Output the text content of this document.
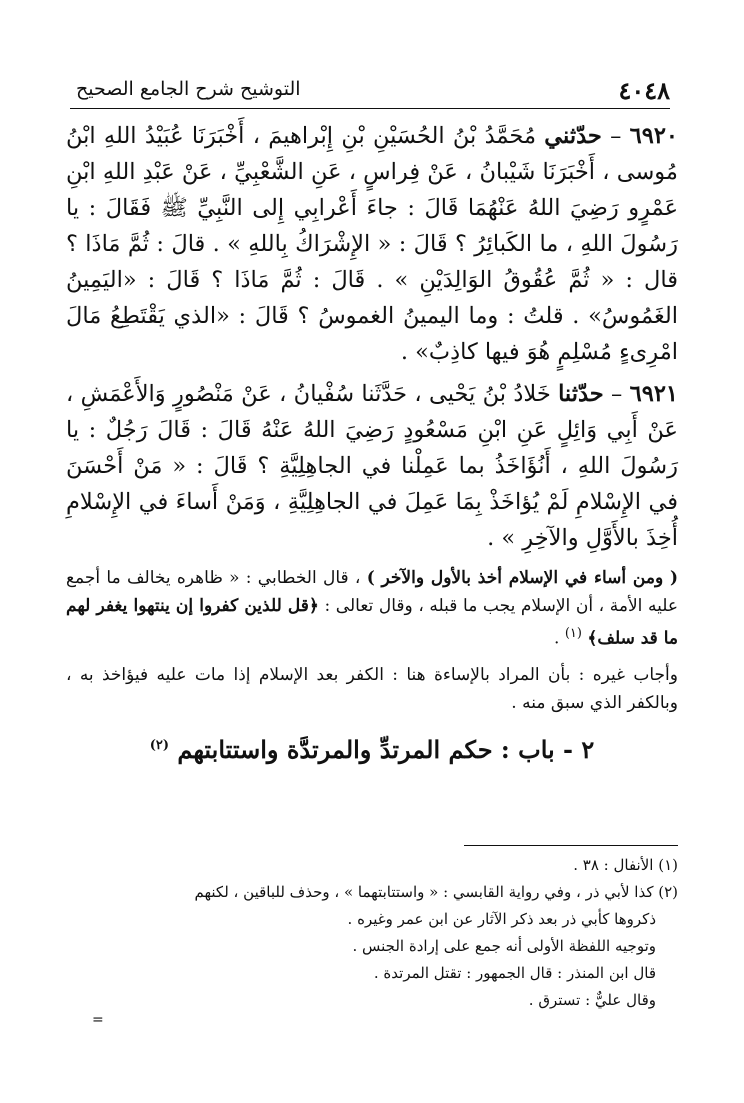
٤٠٤٨
التوشيح شرح الجامع الصحيح

٦٩٢٠ – حدّثني مُحَمَّدُ بْنُ الحُسَيْنِ بْنِ إِبْراهيمَ ، أَخْبَرَنَا عُبَيْدُ اللهِ ابْنُ مُوسى ، أَخْبَرَنَا شَيْبانُ ، عَنْ فِراسٍ ، عَنِ الشَّعْبِيِّ ، عَنْ عَبْدِ اللهِ ابْنِ عَمْرٍو رَضِيَ اللهُ عَنْهُمَا قَالَ : جاءَ أَعْرابِي إِلى النَّبِيِّ ﷺ فَقَالَ : يا رَسُولَ اللهِ ، ما الكَبائِرُ ؟ قَالَ : « الإِشْرَاكُ بِاللهِ » . قالَ : ثُمَّ مَاذَا ؟ قال : « ثُمَّ عُقُوقُ الوَالِدَيْنِ » . قَالَ : ثُمَّ مَاذَا ؟ قَالَ : «اليَمِينُ الغَمُوسُ» . قلتُ : وما اليمينُ الغموسُ ؟ قَالَ : «الذي يَقْتَطِعُ مَالَ امْرِىءٍ مُسْلِمٍ هُوَ فيها كاذِبٌ» .

٦٩٢١ – حدّثنا خَلادُ بْنُ يَحْيى ، حَدَّثَنا سُفْيانُ ، عَنْ مَنْصُورٍ وَالأَعْمَشِ ، عَنْ أَبِي وَائِلٍ عَنِ ابْنِ مَسْعُودٍ رَضِيَ اللهُ عَنْهُ قَالَ : قَالَ رَجُلٌ : يا رَسُولَ اللهِ ، أَنُؤَاخَذُ بما عَمِلْنا في الجاهِلِيَّةِ ؟ قَالَ : « مَنْ أَحْسَنَ في الإِسْلامِ لَمْ يُؤاخَذْ بِمَا عَمِلَ في الجاهِلِيَّةِ ، وَمَنْ أَساءَ في الإِسْلامِ أُخِذَ بالأَوَّلِ والآخِرِ » .

( ومن أساء في الإسلام أخذ بالأول والآخر ) ، قال الخطابي : « ظاهره يخالف ما أجمع عليه الأمة ، أن الإسلام يجب ما قبله ، وقال تعالى : ﴿قل للذين كفروا إن ينتهوا يغفر لهم ما قد سلف﴾ $^{(١)}$ .

وأجاب غيره : بأن المراد بالإساءة هنا : الكفر بعد الإسلام إذا مات عليه فيؤاخذ به ، وبالكفر الذي سبق منه .

٢ - باب : حكم المرتدِّ والمرتدَّة واستتابتهم $^{(٢)}$

(١) الأنفال : ٣٨ .

(٢) كذا لأبي ذر ، وفي رواية القابسي : « واستتابتهما » ، وحذف للباقين ، لكنهم

ذكروها كأبي ذر بعد ذكر الآثار عن ابن عمر وغيره .

وتوجيه اللفظة الأولى أنه جمع على إرادة الجنس .

قال ابن المنذر : قال الجمهور : تقتل المرتدة .

وقال عليٌّ : تسترق .

=
